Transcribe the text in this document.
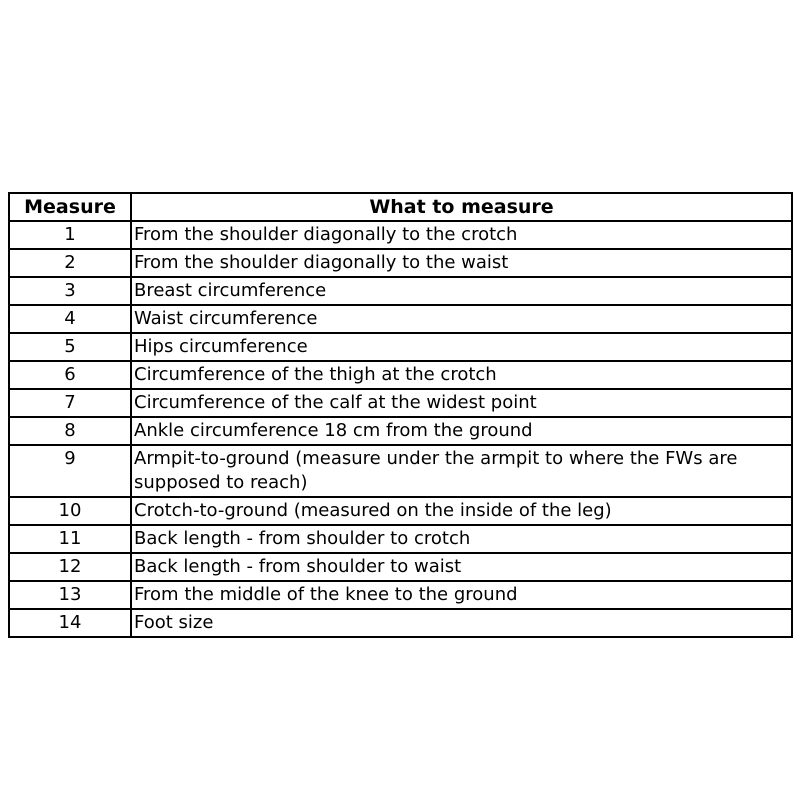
Measure	What to measure
1	From the shoulder diagonally to the crotch
2	From the shoulder diagonally to the waist
3	Breast circumference
4	Waist circumference
5	Hips circumference
6	Circumference of the thigh at the crotch
7	Circumference of the calf at the widest point
8	Ankle circumference 18 cm from the ground
9	Armpit-to-ground (measure under the armpit to where the FWs are supposed to reach)
10	Crotch-to-ground (measured on the inside of the leg)
11	Back length - from shoulder to crotch
12	Back length - from shoulder to waist
13	From the middle of the knee to the ground
14	Foot size
